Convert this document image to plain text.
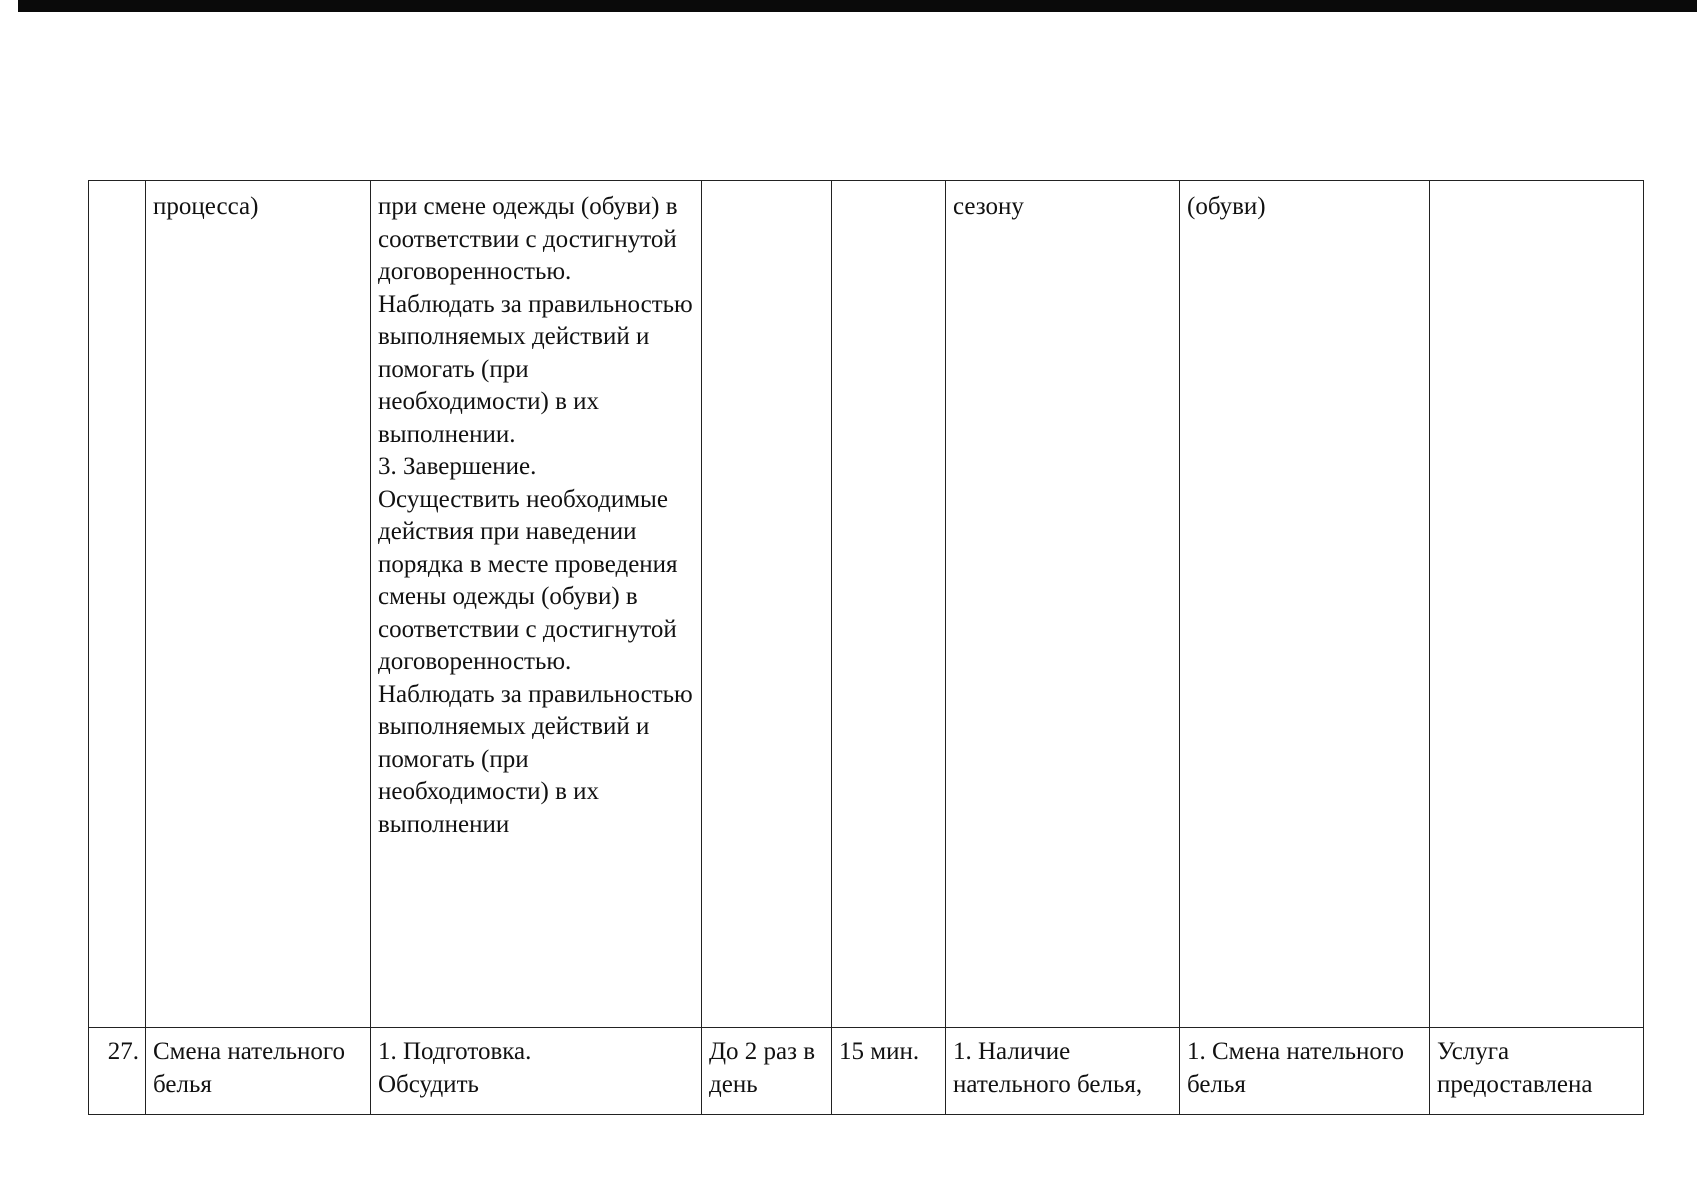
	процесса)	при смене одежды (обуви) в соответствии с достигнутой договоренностью.
Наблюдать за правильностью выполняемых действий и помогать (при необходимости) в их выполнении.
3. Завершение.
Осуществить необходимые действия при наведении порядка в месте проведения смены одежды (обуви) в соответствии с достигнутой договоренностью.
Наблюдать за правильностью выполняемых действий и помогать (при необходимости) в их выполнении			сезону	(обуви)	
27.	Смена нательного белья	1. Подготовка.
Обсудить	До 2 раз в день	15 мин.	1. Наличие нательного белья,	1. Смена нательного белья	Услуга предоставлена
